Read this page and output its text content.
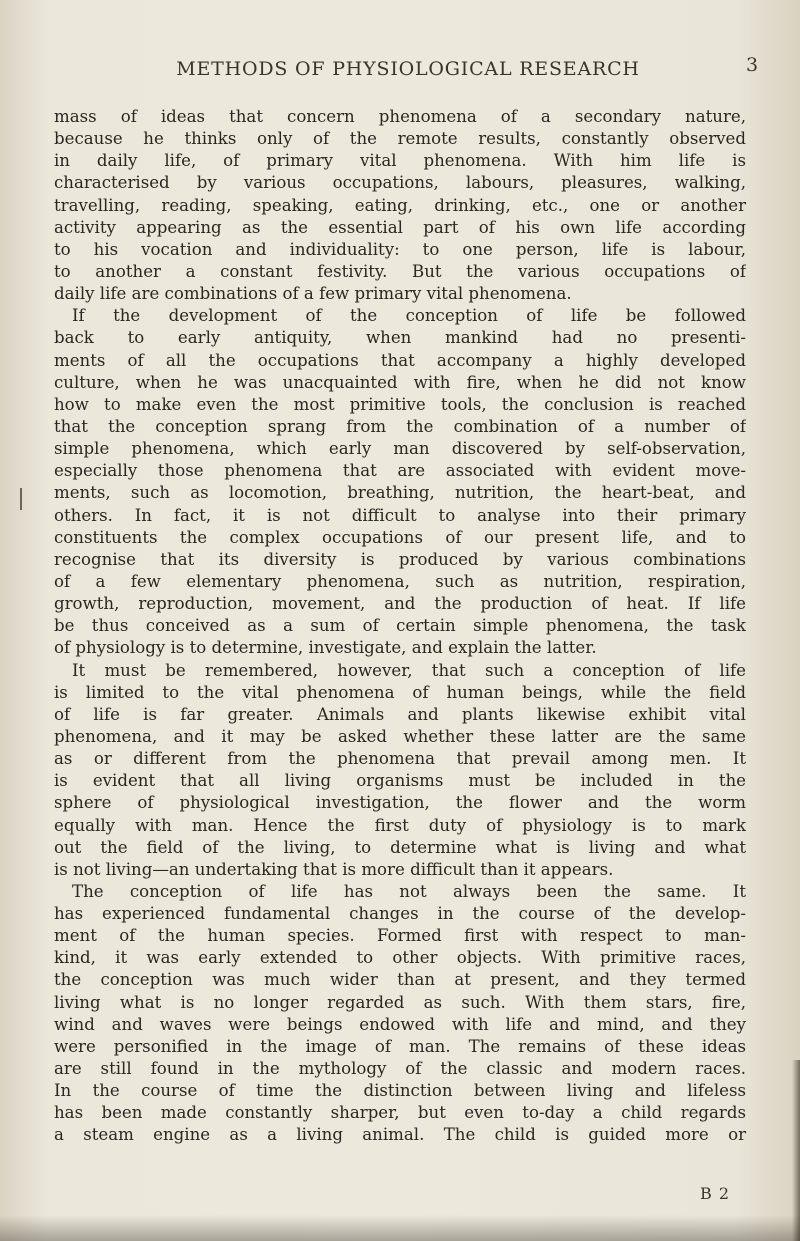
METHODS OF PHYSIOLOGICAL RESEARCH	3
mass of ideas that concern phenomena of a secondary nature,
because he thinks only of the remote results, constantly observed
in daily life, of primary vital phenomena. With him life is
characterised by various occupations, labours, pleasures, walking,
travelling, reading, speaking, eating, drinking, etc., one or another
activity appearing as the essential part of his own life according
to his vocation and individuality: to one person, life is labour,
to another a constant festivity. But the various occupations of
daily life are combinations of a few primary vital phenomena.
If the development of the conception of life be followed
back to early antiquity, when mankind had no presenti-
ments of all the occupations that accompany a highly developed
culture, when he was unacquainted with fire, when he did not know
how to make even the most primitive tools, the conclusion is reached
that the conception sprang from the combination of a number of
simple phenomena, which early man discovered by self-observation,
especially those phenomena that are associated with evident move-
ments, such as locomotion, breathing, nutrition, the heart-beat, and
others. In fact, it is not difficult to analyse into their primary
constituents the complex occupations of our present life, and to
recognise that its diversity is produced by various combinations
of a few elementary phenomena, such as nutrition, respiration,
growth, reproduction, movement, and the production of heat. If life
be thus conceived as a sum of certain simple phenomena, the task
of physiology is to determine, investigate, and explain the latter.
It must be remembered, however, that such a conception of life
is limited to the vital phenomena of human beings, while the field
of life is far greater. Animals and plants likewise exhibit vital
phenomena, and it may be asked whether these latter are the same
as or different from the phenomena that prevail among men. It
is evident that all living organisms must be included in the
sphere of physiological investigation, the flower and the worm
equally with man. Hence the first duty of physiology is to mark
out the field of the living, to determine what is living and what
is not living—an undertaking that is more difficult than it appears.
The conception of life has not always been the same. It
has experienced fundamental changes in the course of the develop-
ment of the human species. Formed first with respect to man-
kind, it was early extended to other objects. With primitive races,
the conception was much wider than at present, and they termed
living what is no longer regarded as such. With them stars, fire,
wind and waves were beings endowed with life and mind, and they
were personified in the image of man. The remains of these ideas
are still found in the mythology of the classic and modern races.
In the course of time the distinction between living and lifeless
has been made constantly sharper, but even to-day a child regards
a steam engine as a living animal. The child is guided more or
B 2
